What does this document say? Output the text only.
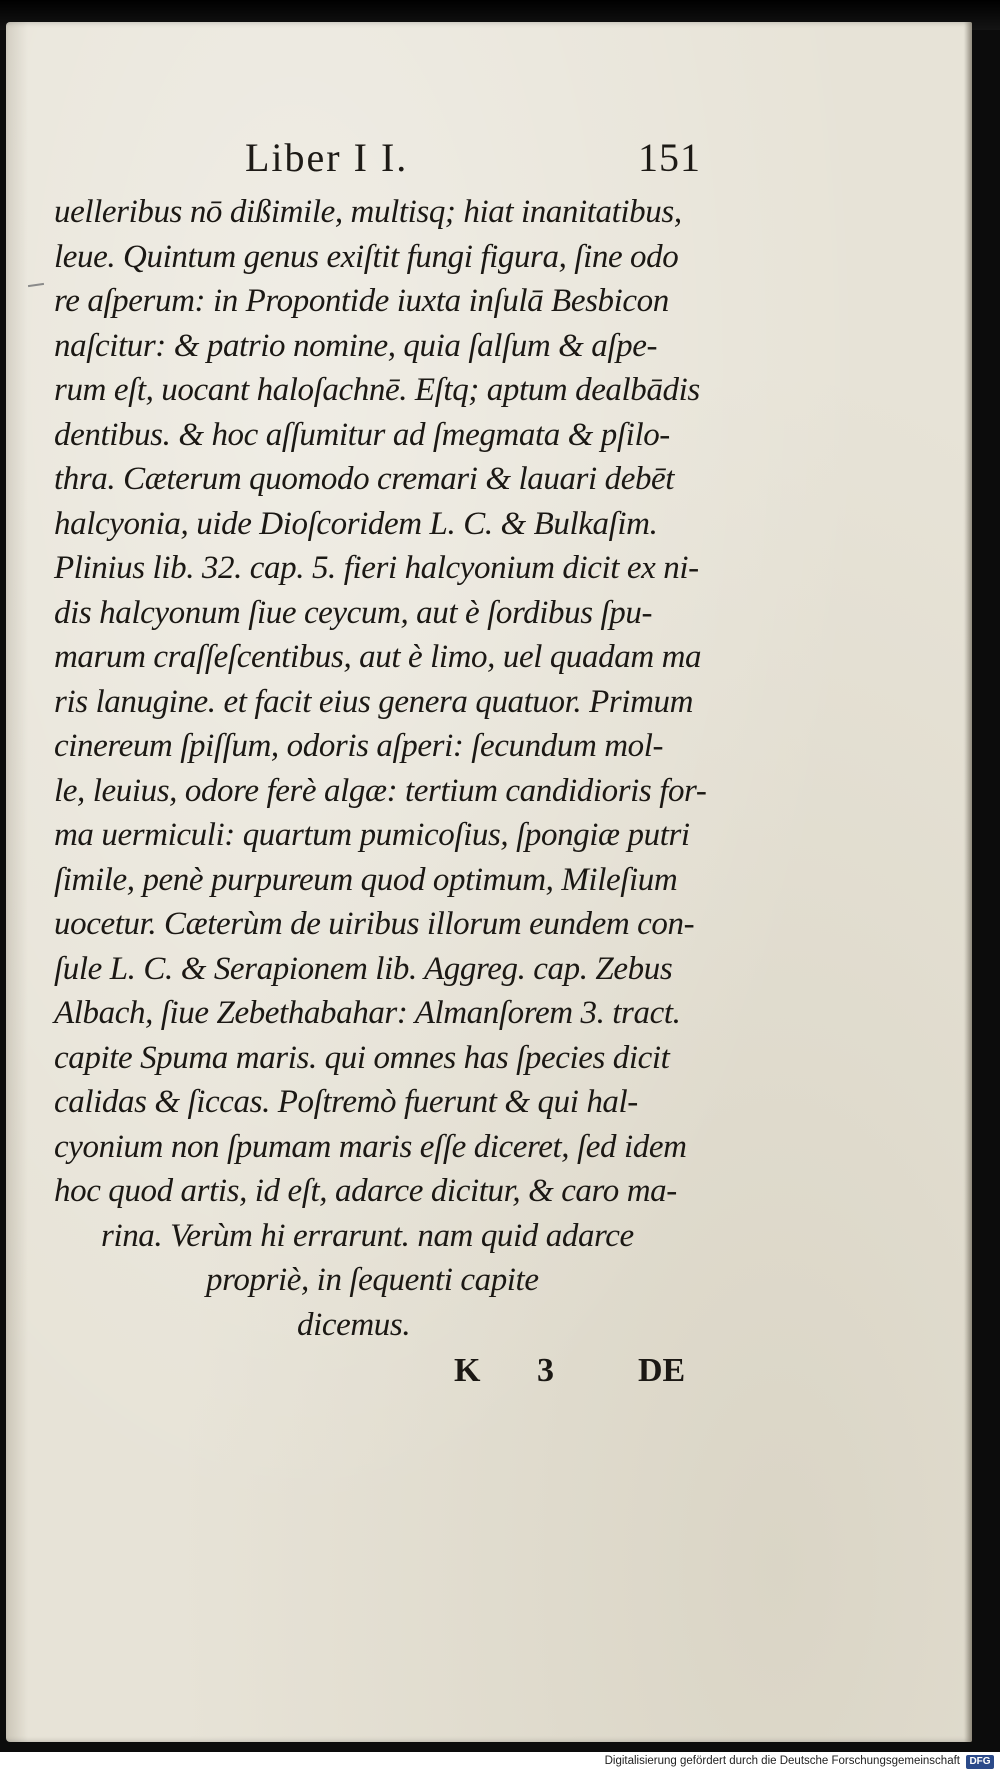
Liber I I.	151
uelleribus nō dißimile, multisq; hiat inanitatibus,
leue. Quintum genus exiſtit fungi figura, ſine odo
re aſperum: in Propontide iuxta inſulā Besbicon
naſcitur: & patrio nomine, quia ſalſum & aſpe-
rum eſt, uocant haloſachnē. Eſtq; aptum dealbādis
dentibus. & hoc aſſumitur ad ſmegmata & pſilo-
thra. Cæterum quomodo cremari & lauari debēt
halcyonia, uide Dioſcoridem L. C. & Bulkaſim.
Plinius lib. 32. cap. 5. fieri halcyonium dicit ex ni-
dis halcyonum ſiue ceycum, aut è ſordibus ſpu-
marum craſſeſcentibus, aut è limo, uel quadam ma
ris lanugine. et facit eius genera quatuor. Primum
cinereum ſpiſſum, odoris aſperi: ſecundum mol-
le, leuius, odore ferè algæ: tertium candidioris for-
ma uermiculi: quartum pumicoſius, ſpongiæ putri
ſimile, penè purpureum quod optimum, Mileſium
uocetur. Cæterùm de uiribus illorum eundem con-
ſule L. C. & Serapionem lib. Aggreg. cap. Zebus
Albach, ſiue Zebethabahar: Almanſorem 3. tract.
capite Spuma maris. qui omnes has ſpecies dicit
calidas & ſiccas. Poſtremò fuerunt & qui hal-
cyonium non ſpumam maris eſſe diceret, ſed idem
hoc quod artis, id eſt, adarce dicitur, & caro ma-
rina. Verùm hi errarunt. nam quid adarce
propriè, in ſequenti capite
dicemus.
K 3 DE
Digitalisierung gefördert durch die Deutsche Forschungsgemeinschaft DFG
